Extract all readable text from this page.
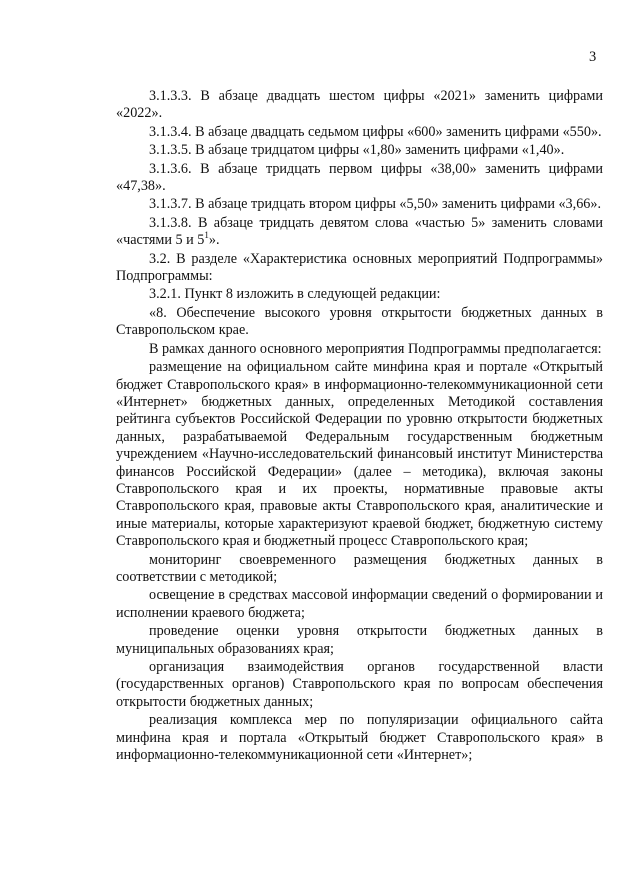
3

3.1.3.3. В абзаце двадцать шестом цифры «2021» заменить цифрами «2022».

3.1.3.4. В абзаце двадцать седьмом цифры «600» заменить цифрами «550».

3.1.3.5. В абзаце тридцатом цифры «1,80» заменить цифрами «1,40».

3.1.3.6. В абзаце тридцать первом цифры «38,00» заменить цифрами «47,38».

3.1.3.7. В абзаце тридцать втором цифры «5,50» заменить цифрами «3,66».

3.1.3.8. В абзаце тридцать девятом слова «частью 5» заменить словами «частями 5 и $5^1$».

3.2. В разделе «Характеристика основных мероприятий Подпрограммы» Подпрограммы:

3.2.1. Пункт 8 изложить в следующей редакции:

«8. Обеспечение высокого уровня открытости бюджетных данных в Ставропольском крае.

В рамках данного основного мероприятия Подпрограммы предполагается:

размещение на официальном сайте минфина края и портале «Открытый бюджет Ставропольского края» в информационно-телекоммуникационной сети «Интернет» бюджетных данных, определенных Методикой составления рейтинга субъектов Российской Федерации по уровню открытости бюджетных данных, разрабатываемой Федеральным государственным бюджетным учреждением «Научно-исследовательский финансовый институт Министерства финансов Российской Федерации» (далее – методика), включая законы Ставропольского края и их проекты, нормативные правовые акты Ставропольского края, правовые акты Ставропольского края, аналитические и иные материалы, которые характеризуют краевой бюджет, бюджетную систему Ставропольского края и бюджетный процесс Ставропольского края;

мониторинг своевременного размещения бюджетных данных в соответствии с методикой;

освещение в средствах массовой информации сведений о формировании и исполнении краевого бюджета;

проведение оценки уровня открытости бюджетных данных в муниципальных образованиях края;

организация взаимодействия органов государственной власти (государственных органов) Ставропольского края по вопросам обеспечения открытости бюджетных данных;

реализация комплекса мер по популяризации официального сайта минфина края и портала «Открытый бюджет Ставропольского края» в информационно-телекоммуникационной сети «Интернет»;
